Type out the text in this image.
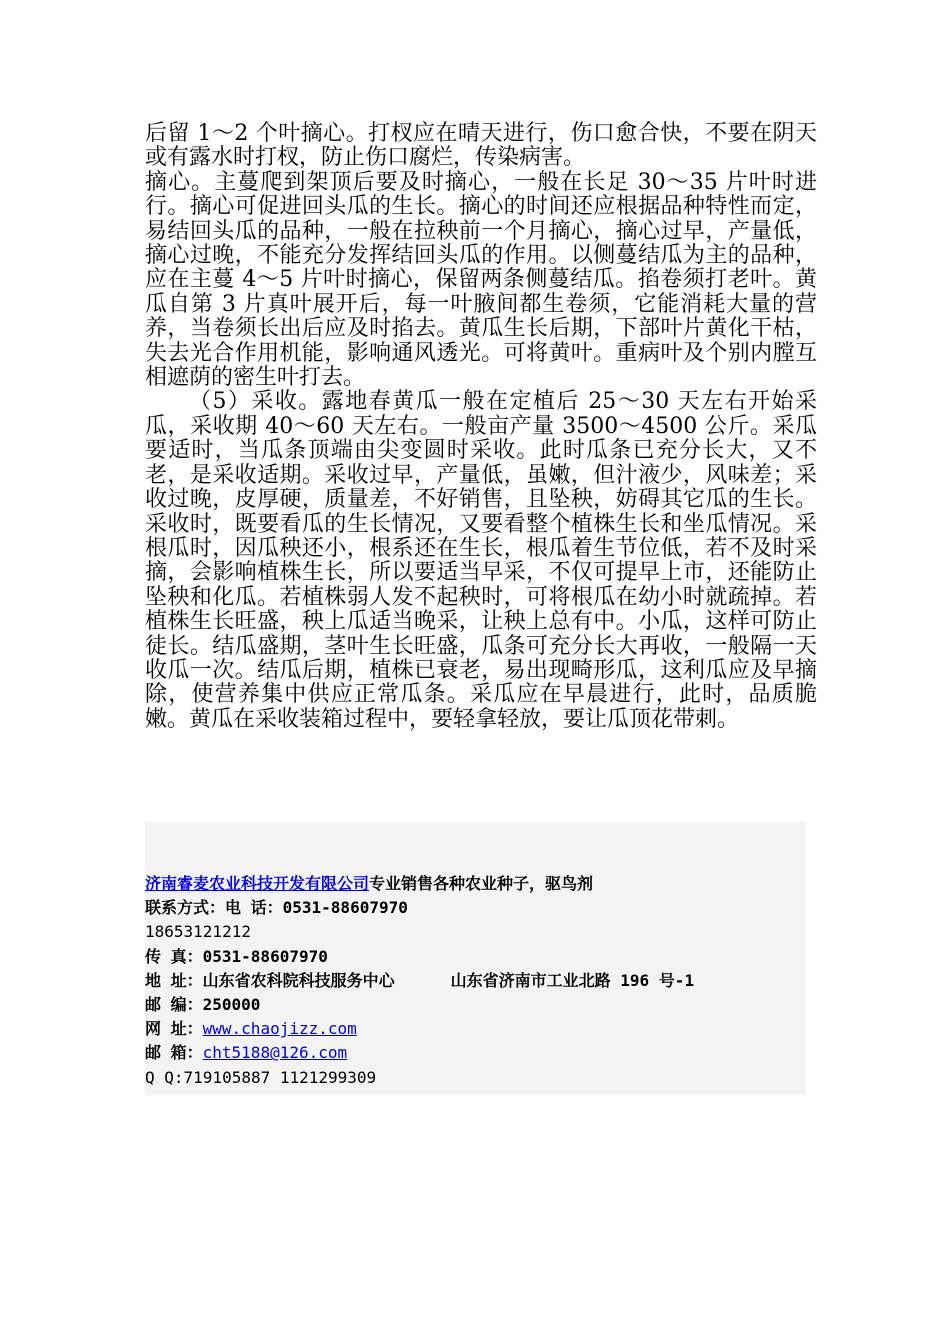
后留 1～2 个叶摘心。打杈应在晴天进行，伤口愈合快，不要在阴天或有露水时打杈，防止伤口腐烂，传染病害。

摘心。主蔓爬到架顶后要及时摘心，一般在长足 30～35 片叶时进行。摘心可促进回头瓜的生长。摘心的时间还应根据品种特性而定，易结回头瓜的品种，一般在拉秧前一个月摘心，摘心过早，产量低，摘心过晚，不能充分发挥结回头瓜的作用。以侧蔓结瓜为主的品种，应在主蔓 4～5 片叶时摘心，保留两条侧蔓结瓜。掐卷须打老叶。黄瓜自第 3 片真叶展开后，每一叶腋间都生卷须，它能消耗大量的营养，当卷须长出后应及时掐去。黄瓜生长后期，下部叶片黄化干枯，失去光合作用机能，影响通风透光。可将黄叶。重病叶及个别内膛互相遮荫的密生叶打去。

（5）采收。露地春黄瓜一般在定植后 25～30 天左右开始采瓜，采收期 40～60 天左右。一般亩产量 3500～4500 公斤。采瓜要适时，当瓜条顶端由尖变圆时采收。此时瓜条已充分长大，又不老，是采收适期。采收过早，产量低，虽嫩，但汁液少，风味差；采收过晚，皮厚硬，质量差，不好销售，且坠秧，妨碍其它瓜的生长。采收时，既要看瓜的生长情况，又要看整个植株生长和坐瓜情况。采根瓜时，因瓜秧还小，根系还在生长，根瓜着生节位低，若不及时采摘，会影响植株生长，所以要适当早采，不仅可提早上市，还能防止坠秧和化瓜。若植株弱人发不起秧时，可将根瓜在幼小时就疏掉。若植株生长旺盛，秧上瓜适当晚采，让秧上总有中。小瓜，这样可防止徒长。结瓜盛期，茎叶生长旺盛，瓜条可充分长大再收，一般隔一天收瓜一次。结瓜后期，植株已衰老，易出现畸形瓜，这利瓜应及早摘除，使营养集中供应正常瓜条。采瓜应在早晨进行，此时，品质脆嫩。黄瓜在采收装箱过程中，要轻拿轻放，要让瓜顶花带刺。

济南睿麦农业科技开发有限公司专业销售各种农业种子，驱鸟剂
联系方式：电 话：0531-88607970
18653121212
传 真：0531-88607970
地 址：山东省农科院科技服务中心	山东省济南市工业北路 196 号-1
邮 编：250000
网 址：www.chaojizz.com
邮 箱：cht5188@126.com
Q Q:719105887 1121299309
